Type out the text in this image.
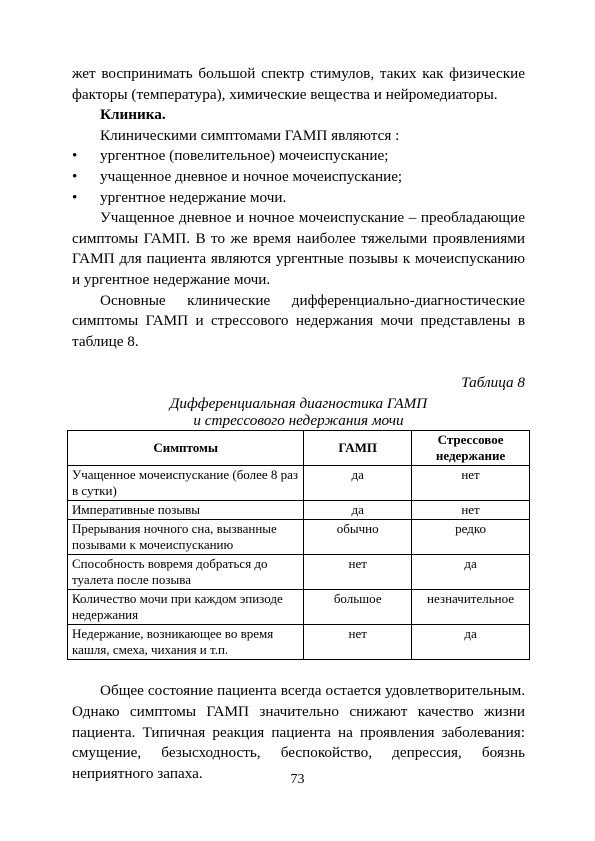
жет воспринимать большой спектр стимулов, таких как физические факторы (температура), химические вещества и нейромедиаторы.

Клиника.

Клиническими симптомами ГАМП являются :

• ургентное (повелительное) мочеиспускание;
• учащенное дневное и ночное мочеиспускание;
• ургентное недержание мочи.

Учащенное дневное и ночное мочеиспускание – преобладающие симптомы ГАМП. В то же время наиболее тяжелыми проявлениями ГАМП для пациента являются ургентные позывы к мочеиспусканию и ургентное недержание мочи.

Основные клинические дифференциально-диагностические симптомы ГАМП и стрессового недержания мочи представлены в таблице 8.

Таблица 8
Дифференциальная диагностика ГАМП
и стрессового недержания мочи
Симптомы	ГАМП	Стрессовое недержание
Учащенное мочеиспускание (более 8 раз в сутки)	да	нет
Императивные позывы	да	нет
Прерывания ночного сна, вызванные позывами к мочеиспусканию	обычно	редко
Способность вовремя добраться до туалета после позыва	нет	да
Количество мочи при каждом эпизоде недержания	большое	незначительное
Недержание, возникающее во время кашля, смеха, чихания и т.п.	нет	да

Общее состояние пациента всегда остается удовлетворительным. Однако симптомы ГАМП значительно снижают качество жизни пациента. Типичная реакция пациента на проявления заболевания: смущение, безысходность, беспокойство, депрессия, боязнь неприятного запаха.	73
